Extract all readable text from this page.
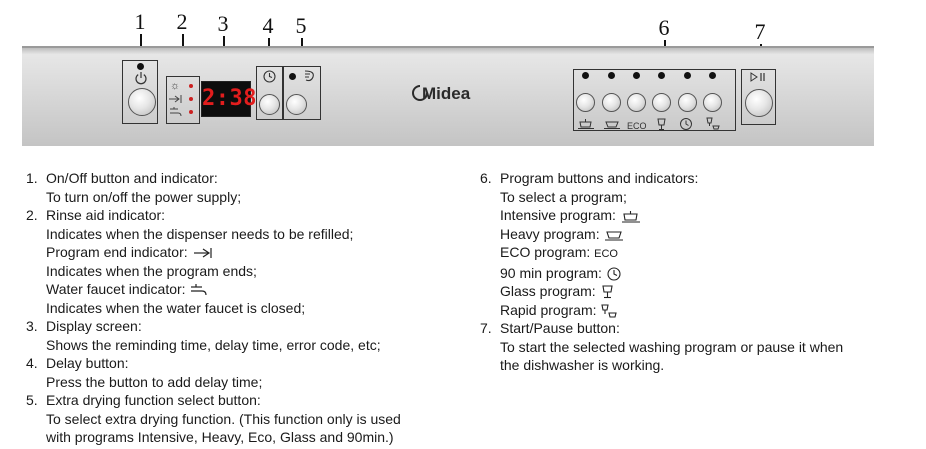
1 2 3 4 5	6	7
☼ 2:38	Midea
ECO
1. On/Off button and indicator:
To turn on/off the power supply;
2. Rinse aid indicator:
Indicates when the dispenser needs to be refilled;
Program end indicator:
Indicates when the program ends;
Water faucet indicator:
Indicates when the water faucet is closed;
3. Display screen:
Shows the reminding time, delay time, error code, etc;
4. Delay button:
Press the button to add delay time;
5. Extra drying function select button:
To select extra drying function. (This function only is used
with programs Intensive, Heavy, Eco, Glass and 90min.)
6. Program buttons and indicators:
To select a program;
Intensive program:
Heavy program:
ECO program: ECO
90 min program:
Glass program:
Rapid program:
7. Start/Pause button:
To start the selected washing program or pause it when
the dishwasher is working.
